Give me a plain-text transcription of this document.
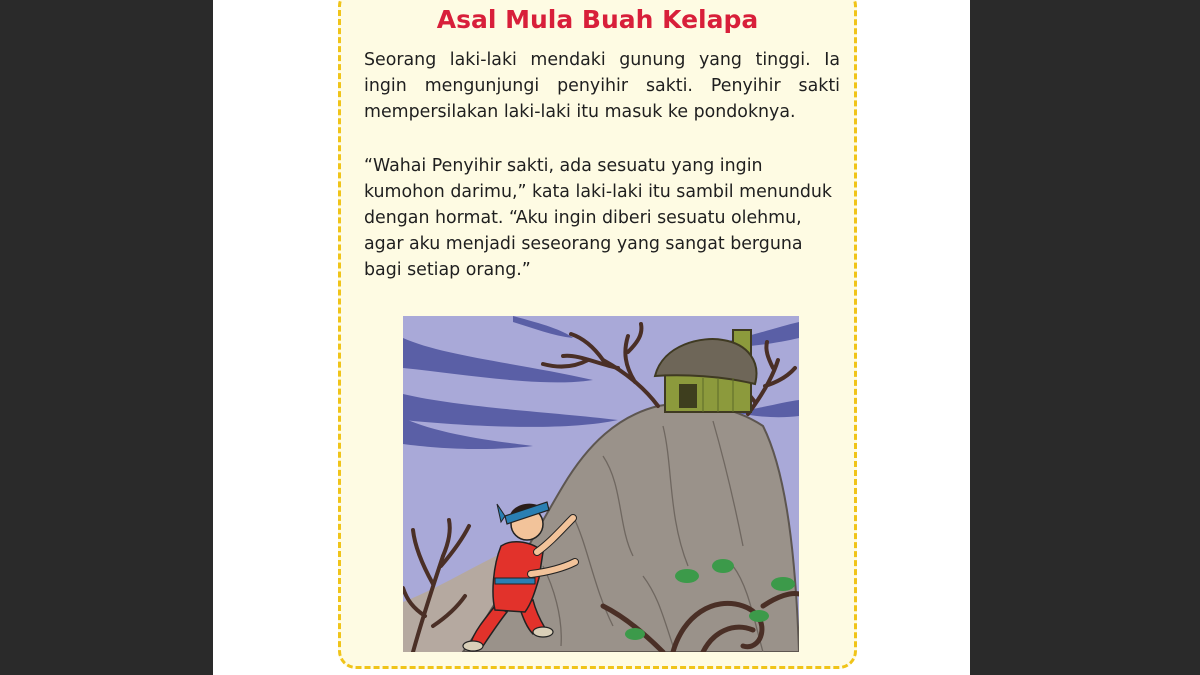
Asal Mula Buah Kelapa

Seorang laki-laki mendaki gunung yang tinggi. Ia ingin mengunjungi penyihir sakti. Penyihir sakti mempersilakan laki-laki itu masuk ke pondoknya.

“Wahai Penyihir sakti, ada sesuatu yang ingin kumohon darimu,” kata laki-laki itu sambil menunduk dengan hormat. “Aku ingin diberi sesuatu olehmu, agar aku menjadi seseorang yang sangat berguna bagi setiap orang.”
